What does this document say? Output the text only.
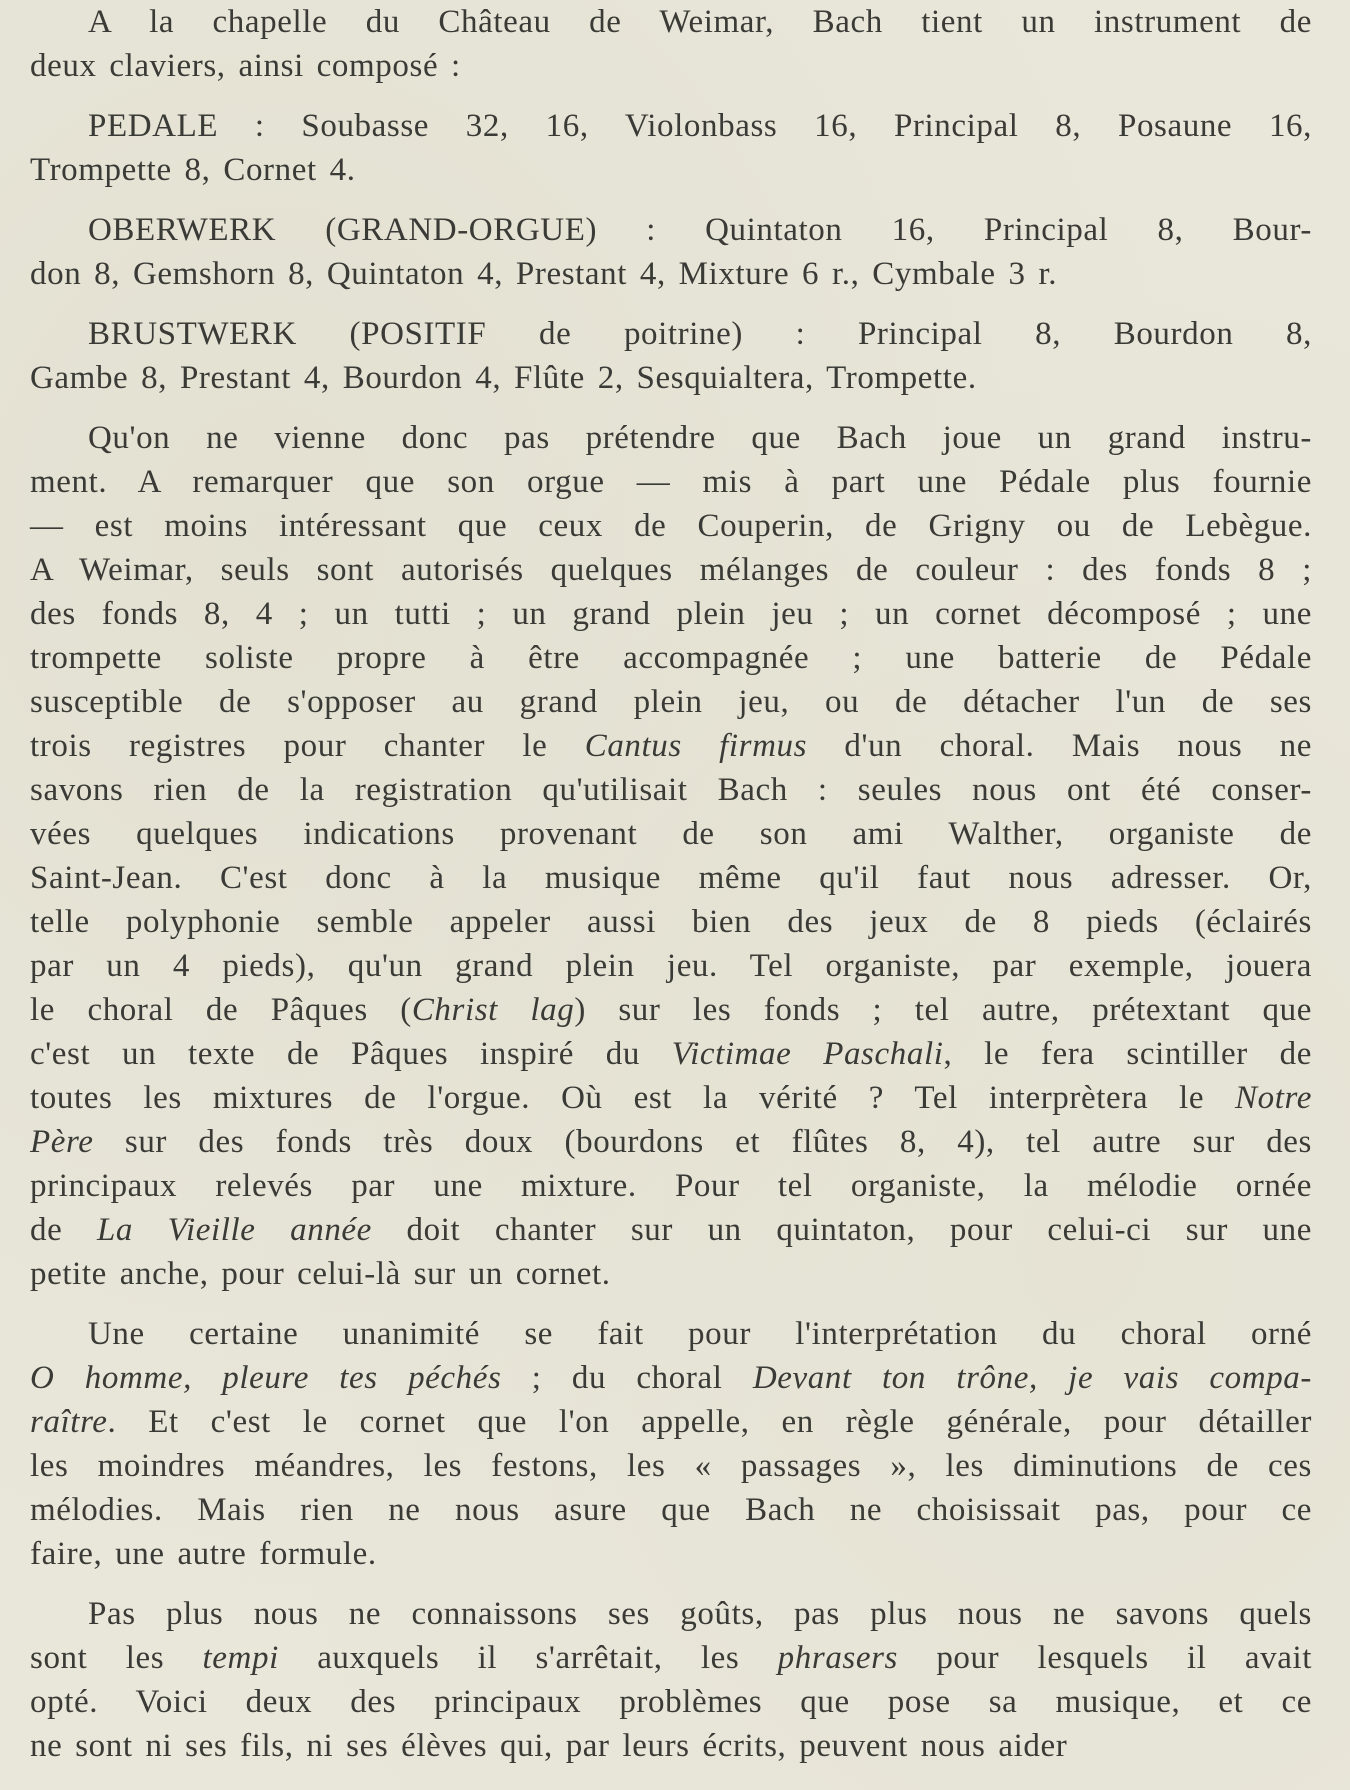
A la chapelle du Château de Weimar, Bach tient un instrument de
deux claviers, ainsi composé :
PEDALE : Soubasse 32, 16, Violonbass 16, Principal 8, Posaune 16,
Trompette 8, Cornet 4.
OBERWERK (GRAND-ORGUE) : Quintaton 16, Principal 8, Bour-
don 8, Gemshorn 8, Quintaton 4, Prestant 4, Mixture 6 r., Cymbale 3 r.
BRUSTWERK (POSITIF de poitrine) : Principal 8, Bourdon 8,
Gambe 8, Prestant 4, Bourdon 4, Flûte 2, Sesquialtera, Trompette.
Qu'on ne vienne donc pas prétendre que Bach joue un grand instru-
ment. A remarquer que son orgue — mis à part une Pédale plus fournie
— est moins intéressant que ceux de Couperin, de Grigny ou de Lebègue.
A Weimar, seuls sont autorisés quelques mélanges de couleur : des fonds 8 ;
des fonds 8, 4 ; un tutti ; un grand plein jeu ; un cornet décomposé ; une
trompette soliste propre à être accompagnée ; une batterie de Pédale
susceptible de s'opposer au grand plein jeu, ou de détacher l'un de ses
trois registres pour chanter le Cantus firmus d'un choral. Mais nous ne
savons rien de la registration qu'utilisait Bach : seules nous ont été conser-
vées quelques indications provenant de son ami Walther, organiste de
Saint-Jean. C'est donc à la musique même qu'il faut nous adresser. Or,
telle polyphonie semble appeler aussi bien des jeux de 8 pieds (éclairés
par un 4 pieds), qu'un grand plein jeu. Tel organiste, par exemple, jouera
le choral de Pâques (Christ lag) sur les fonds ; tel autre, prétextant que
c'est un texte de Pâques inspiré du Victimae Paschali, le fera scintiller de
toutes les mixtures de l'orgue. Où est la vérité ? Tel interprètera le Notre
Père sur des fonds très doux (bourdons et flûtes 8, 4), tel autre sur des
principaux relevés par une mixture. Pour tel organiste, la mélodie ornée
de La Vieille année doit chanter sur un quintaton, pour celui-ci sur une
petite anche, pour celui-là sur un cornet.
Une certaine unanimité se fait pour l'interprétation du choral orné
O homme, pleure tes péchés ; du choral Devant ton trône, je vais compa-
raître. Et c'est le cornet que l'on appelle, en règle générale, pour détailler
les moindres méandres, les festons, les « passages », les diminutions de ces
mélodies. Mais rien ne nous asure que Bach ne choisissait pas, pour ce
faire, une autre formule.
Pas plus nous ne connaissons ses goûts, pas plus nous ne savons quels
sont les tempi auxquels il s'arrêtait, les phrasers pour lesquels il avait
opté. Voici deux des principaux problèmes que pose sa musique, et ce
ne sont ni ses fils, ni ses élèves qui, par leurs écrits, peuvent nous aider
